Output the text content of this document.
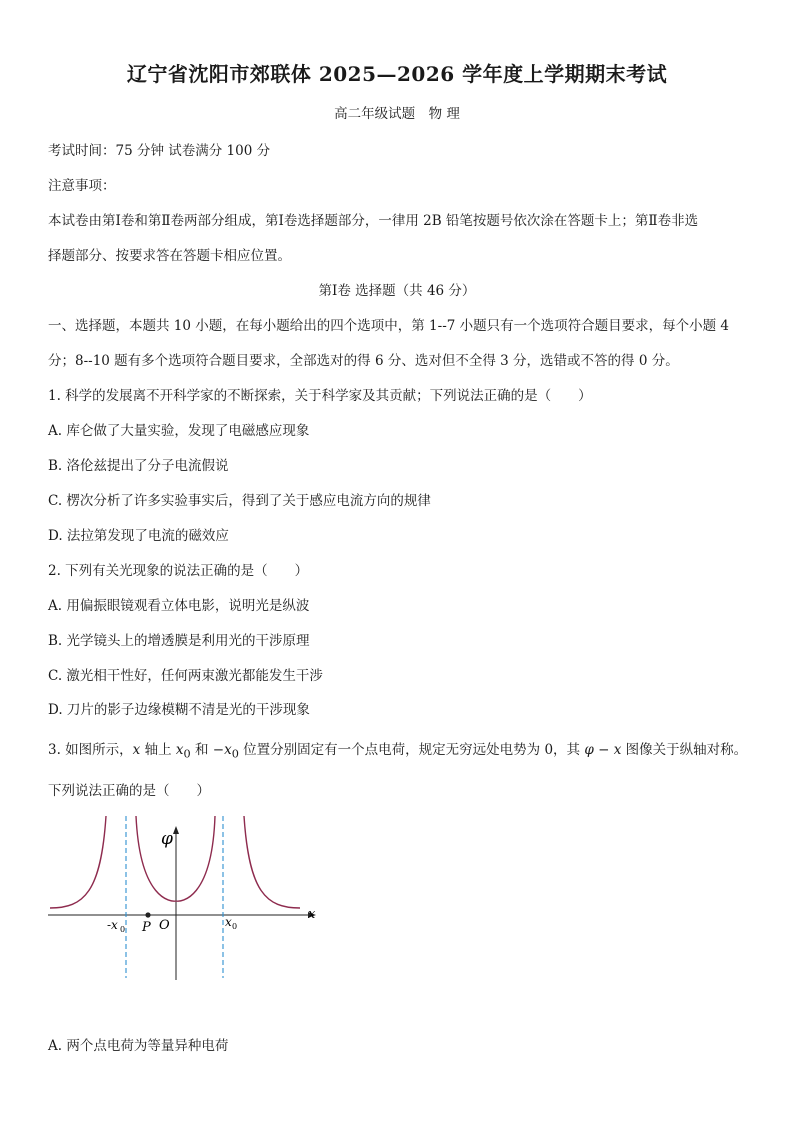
辽宁省沈阳市郊联体 2025—2026 学年度上学期期末考试
高二年级试题　物 理
考试时间：75 分钟 试卷满分 100 分
注意事项：
本试卷由第Ⅰ卷和第Ⅱ卷两部分组成，第Ⅰ卷选择题部分，一律用 2B 铅笔按题号依次涂在答题卡上；第Ⅱ卷非选
择题部分、按要求答在答题卡相应位置。
第Ⅰ卷 选择题（共 46 分）
一、选择题，本题共 10 小题，在每小题给出的四个选项中，第 1--7 小题只有一个选项符合题目要求，每个小题 4
分；8--10 题有多个选项符合题目要求，全部选对的得 6 分、选对但不全得 3 分，选错或不答的得 0 分。
1. 科学的发展离不开科学家的不断探索，关于科学家及其贡献；下列说法正确的是（　　）
A. 库仑做了大量实验，发现了电磁感应现象
B. 洛伦兹提出了分子电流假说
C. 楞次分析了许多实验事实后，得到了关于感应电流方向的规律
D. 法拉第发现了电流的磁效应
2. 下列有关光现象的说法正确的是（　　）
A. 用偏振眼镜观看立体电影，说明光是纵波
B. 光学镜头上的增透膜是利用光的干涉原理
C. 激光相干性好，任何两束激光都能发生干涉
D. 刀片的影子边缘模糊不清是光的干涉现象
3. 如图所示，x 轴上 $x_0$ 和 $-x_0$ 位置分别固定有一个点电荷，规定无穷远处电势为 0，其 φ − x 图像关于纵轴对称。
下列说法正确的是（　　）
φ
x
-x 0 P O	x 0
A. 两个点电荷为等量异种电荷
